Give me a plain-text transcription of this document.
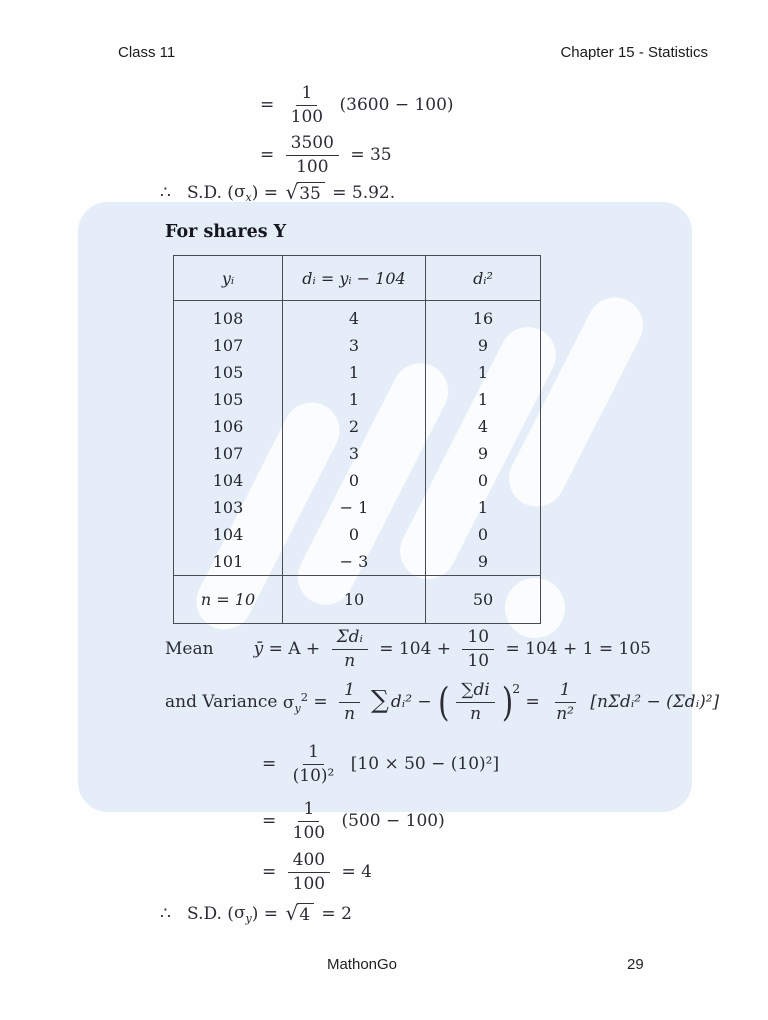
Class 11	Chapter 15 - Statistics
= $\frac{1}{100} (3600 - 100)$
= $\frac{3500}{100} = 35$
∴   S.D. ( $\sigma_x$ ) = √ 35 = 5.92.
For shares Y
yᵢ	dᵢ = yᵢ − 104	dᵢ²
108	4	16
107	3	9
105	1	1
105	1	1
106	2	4
107	3	9
104	0	0
103	− 1	1
104	0	0
101	− 3	9
n = 10	10	50
Mean ȳ = $A + \frac{\text{Σdᵢ}}{n} = 104 + \frac{10}{10} = 104 + 1 = 105$
and Variance $\sigma_y^2 = \frac{1}{n}$ ∑ dᵢ² − ( $\frac{\sum di}{n}$ ) 2
= $\frac{1}{\text{n²}}$
[nΣdᵢ² − (Σdᵢ)²]
= $\frac{1}{\text{(10)²}} [10 \times 50 - (10)^2]$
= $\frac{1}{100} (500 - 100)$
= $\frac{400}{100} = 4$
∴   S.D. ( $\sigma_y$ ) = √ 4 = 2
MathonGo	29
